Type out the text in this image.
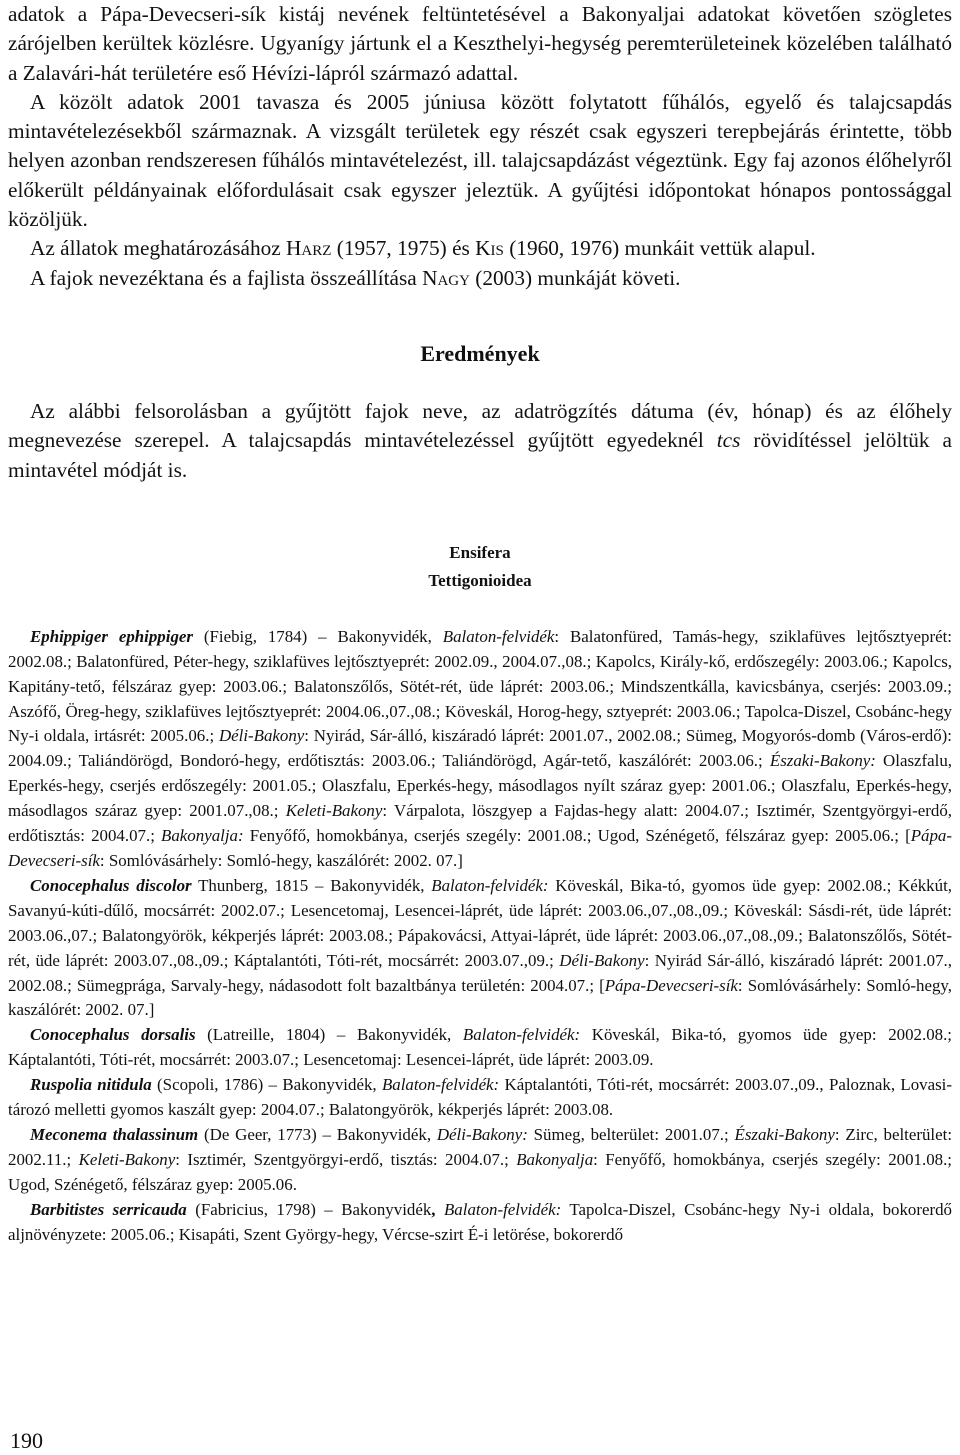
adatok a Pápa-Devecseri-sík kistáj nevének feltüntetésével a Bakonyaljai adatokat követően szögletes zárójelben kerültek közlésre. Ugyanígy jártunk el a Keszthelyi-hegység peremterületeinek közelében található a Zalavári-hát területére eső Hévízi-lápról származó adattal.

A közölt adatok 2001 tavasza és 2005 júniusa között folytatott fűhálós, egyelő és talajcsapdás mintavételezésekből származnak. A vizsgált területek egy részét csak egyszeri terepbejárás érintette, több helyen azonban rendszeresen fűhálós mintavételezést, ill. talajcsapdázást végeztünk. Egy faj azonos élőhelyről előkerült példányainak előfordulásait csak egyszer jeleztük. A gyűjtési időpontokat hónapos pontossággal közöljük.

Az állatok meghatározásához Harz (1957, 1975) és Kis (1960, 1976) munkáit vettük alapul.

A fajok nevezéktana és a fajlista összeállítása Nagy (2003) munkáját követi.

Eredmények

Az alábbi felsorolásban a gyűjtött fajok neve, az adatrögzítés dátuma (év, hónap) és az élőhely megnevezése szerepel. A talajcsapdás mintavételezéssel gyűjtött egyedeknél tcs rövidítéssel jelöltük a mintavétel módját is.

Ensifera

Tettigonioidea

Ephippiger ephippiger (Fiebig, 1784) – Bakonyvidék, Balaton-felvidék: Balatonfüred, Tamás-hegy, sziklafüves lejtősztyeprét: 2002.08.; Balatonfüred, Péter-hegy, sziklafüves lejtősztyeprét: 2002.09., 2004.07.,08.; Kapolcs, Király-kő, erdőszegély: 2003.06.; Kapolcs, Kapitány-tető, félszáraz gyep: 2003.06.; Balatonszőlős, Sötét-rét, üde láprét: 2003.06.; Mindszentkálla, kavicsbánya, cserjés: 2003.09.; Aszófő, Öreg-hegy, sziklafüves lejtősztyeprét: 2004.06.,07.,08.; Köveskál, Horog-hegy, sztyeprét: 2003.06.; Tapolca-Diszel, Csobánc-hegy Ny-i oldala, irtásrét: 2005.06.; Déli-Bakony: Nyirád, Sár-álló, kiszáradó láprét: 2001.07., 2002.08.; Sümeg, Mogyorós-domb (Város-erdő): 2004.09.; Taliándörögd, Bondoró-hegy, erdőtisztás: 2003.06.; Taliándörögd, Agár-tető, kaszálórét: 2003.06.; Északi-Bakony: Olaszfalu, Eperkés-hegy, cserjés erdőszegély: 2001.05.; Olaszfalu, Eperkés-hegy, másodlagos nyílt száraz gyep: 2001.06.; Olaszfalu, Eperkés-hegy, másodlagos száraz gyep: 2001.07.,08.; Keleti-Bakony: Várpalota, löszgyep a Fajdas-hegy alatt: 2004.07.; Isztimér, Szentgyörgyi-erdő, erdőtisztás: 2004.07.; Bakonyalja: Fenyőfő, homokbánya, cserjés szegély: 2001.08.; Ugod, Szénégető, félszáraz gyep: 2005.06.; [Pápa-Devecseri-sík: Somlóvásárhely: Somló-hegy, kaszálórét: 2002. 07.]

Conocephalus discolor Thunberg, 1815 – Bakonyvidék, Balaton-felvidék: Köveskál, Bika-tó, gyomos üde gyep: 2002.08.; Kékkút, Savanyú-kúti-dűlő, mocsárrét: 2002.07.; Lesencetomaj, Lesencei-láprét, üde láprét: 2003.06.,07.,08.,09.; Köveskál: Sásdi-rét, üde láprét: 2003.06.,07.; Balatongyörök, kékperjés láprét: 2003.08.; Pápakovácsi, Attyai-láprét, üde láprét: 2003.06.,07.,08.,09.; Balatonszőlős, Sötét-rét, üde láprét: 2003.07.,08.,09.; Káptalantóti, Tóti-rét, mocsárrét: 2003.07.,09.; Déli-Bakony: Nyirád Sár-álló, kiszáradó láprét: 2001.07., 2002.08.; Sümegprága, Sarvaly-hegy, nádasodott folt bazaltbánya területén: 2004.07.; [Pápa-Devecseri-sík: Somlóvásárhely: Somló-hegy, kaszálórét: 2002. 07.]

Conocephalus dorsalis (Latreille, 1804) – Bakonyvidék, Balaton-felvidék: Köveskál, Bika-tó, gyomos üde gyep: 2002.08.; Káptalantóti, Tóti-rét, mocsárrét: 2003.07.; Lesencetomaj: Lesencei-láprét, üde láprét: 2003.09.

Ruspolia nitidula (Scopoli, 1786) – Bakonyvidék, Balaton-felvidék: Káptalantóti, Tóti-rét, mocsárrét: 2003.07.,09., Paloznak, Lovasi-tározó melletti gyomos kaszált gyep: 2004.07.; Balatongyörök, kékperjés láprét: 2003.08.

Meconema thalassinum (De Geer, 1773) – Bakonyvidék, Déli-Bakony: Sümeg, belterület: 2001.07.; Északi-Bakony: Zirc, belterület: 2002.11.; Keleti-Bakony: Isztimér, Szentgyörgyi-erdő, tisztás: 2004.07.; Bakonyalja: Fenyőfő, homokbánya, cserjés szegély: 2001.08.; Ugod, Szénégető, félszáraz gyep: 2005.06.

Barbitistes serricauda (Fabricius, 1798) – Bakonyvidék, Balaton-felvidék: Tapolca-Diszel, Csobánc-hegy Ny-i oldala, bokorerdő aljnövényzete: 2005.06.; Kisapáti, Szent György-hegy, Vércse-szirt É-i letörése, bokorerdő

190
